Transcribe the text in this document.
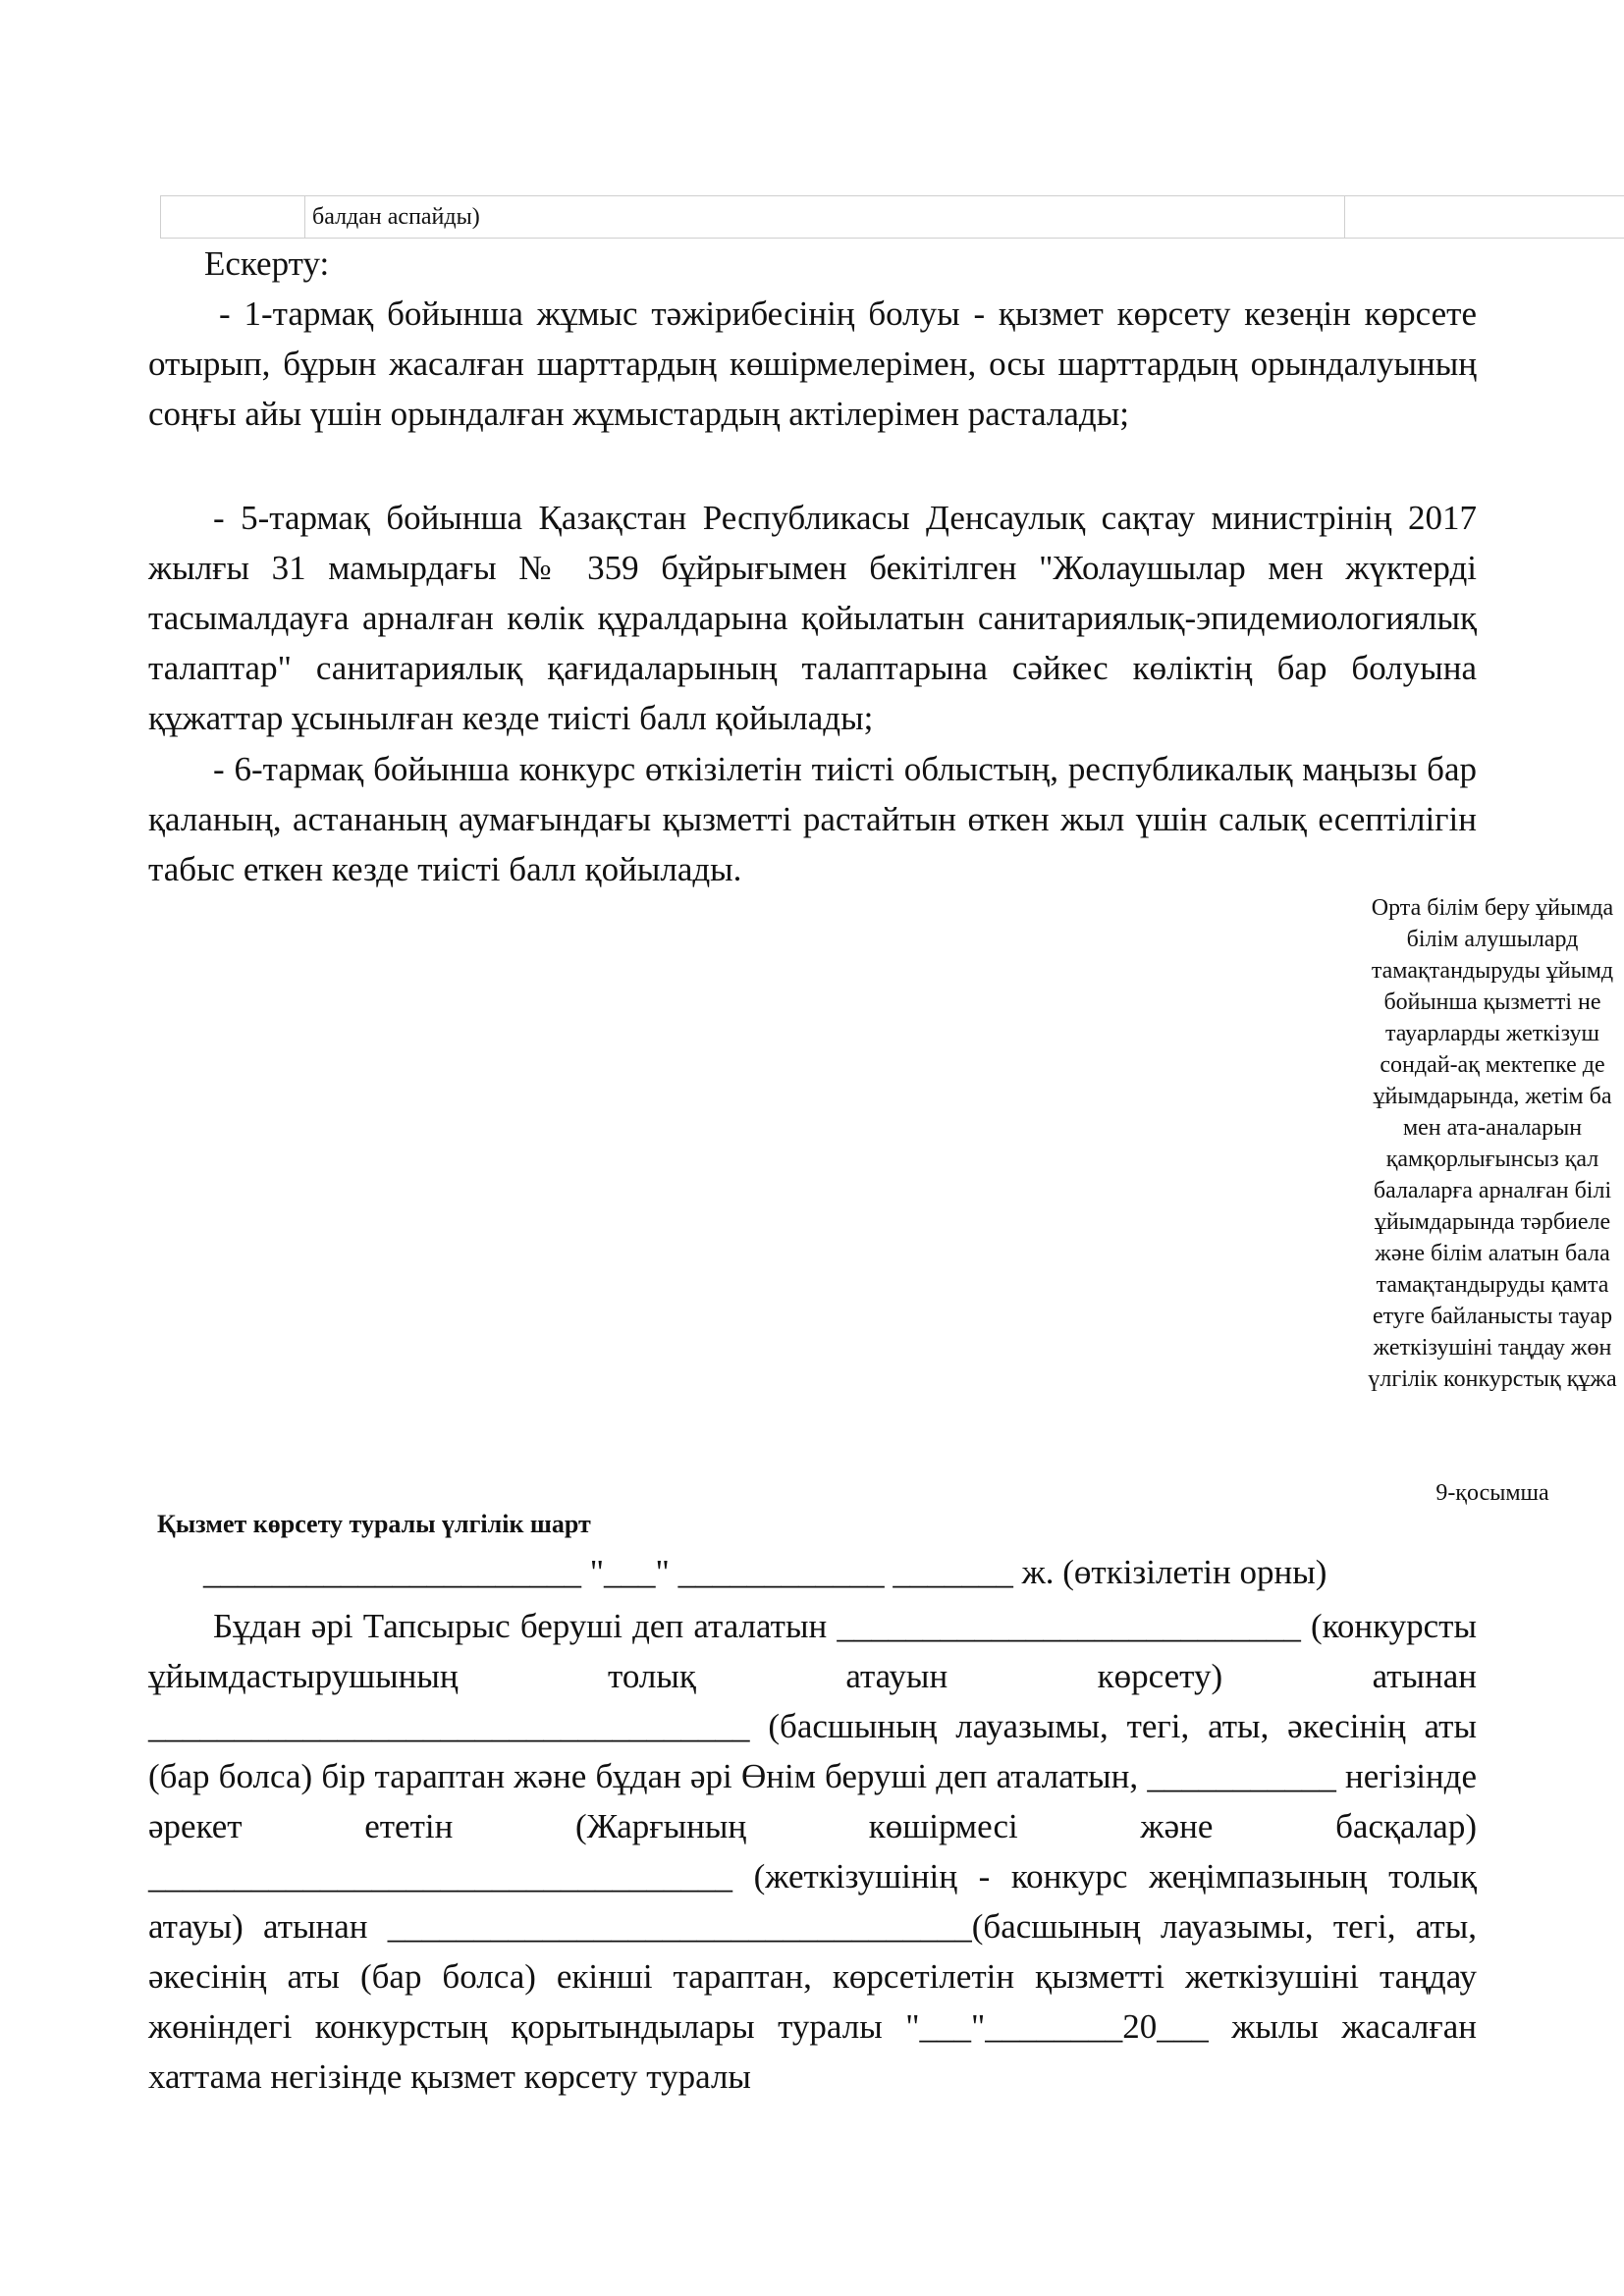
балдан аспайды)
Ескерту:

- 1-тармақ бойынша жұмыс тәжірибесінің болуы - қызмет көрсету кезеңін көрсете отырып, бұрын жасалған шарттардың көшірмелерімен, осы шарттардың орындалуының соңғы айы үшін орындалған жұмыстардың актілерімен расталады;

- 5-тармақ бойынша Қазақстан Республикасы Денсаулық сақтау министрінің 2017 жылғы 31 мамырдағы № 359 бұйрығымен бекітілген "Жолаушылар мен жүктерді тасымалдауға арналған көлік құралдарына қойылатын санитариялық-эпидемиологиялық талаптар" санитариялық қағидаларының талаптарына сәйкес көліктің бар болуына құжаттар ұсынылған кезде тиісті балл қойылады;

- 6-тармақ бойынша конкурс өткізілетін тиісті облыстың, республикалық маңызы бар қаланың, астананың аумағындағы қызметті растайтын өткен жыл үшін салық есептілігін табыс еткен кезде тиісті балл қойылады.

Орта білім беру ұйымда
білім алушылард
тамақтандыруды ұйымд
бойынша қызметті не
тауарларды жеткізуш
сондай-ақ мектепке де
ұйымдарында, жетім ба
мен ата-аналарын
қамқорлығынсыз қал
балаларға арналған білі
ұйымдарында тәрбиеле
және білім алатын бала
тамақтандыруды қамта
етуге байланысты тауар
жеткізушіні таңдау жөн
үлгілік конкурстық құжа
9-қосымша
Қызмет көрсету туралы үлгілік шарт
______________________ "___" ____________ _______ ж. (өткізілетін орны)

Бұдан әрі Тапсырыс беруші деп аталатын ___________________________ (конкурсты ұйымдастырушының толық атауын көрсету) атынан ___________________________________ (басшының лауазымы, тегі, аты, әкесінің аты (бар болса) бір тараптан және бұдан әрі Өнім беруші деп аталатын, ___________ негізінде әрекет ететін (Жарғының көшірмесі және басқалар) __________________________________ (жеткізушінің - конкурс жеңімпазының толық атауы) атынан __________________________________(басшының лауазымы, тегі, аты, әкесінің аты (бар болса) екінші тараптан, көрсетілетін қызметті жеткізушіні таңдау жөніндегі конкурстың қорытындылары туралы "___"________20___ жылы жасалған хаттама негізінде қызмет көрсету туралы
